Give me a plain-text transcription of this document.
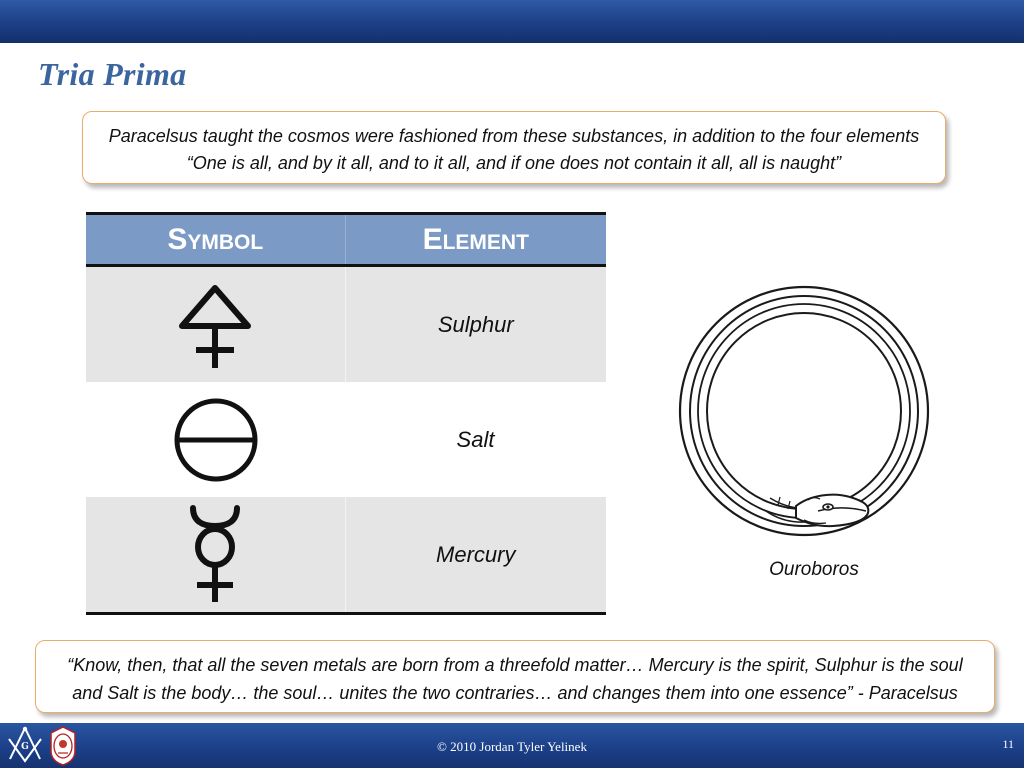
Tria Prima
Paracelsus taught the cosmos were fashioned from these substances, in addition to the four elements
“One is all, and by it all, and to it all, and if one does not contain it all, all is naught”
Symbol	Element

	Sulphur

	Salt

	Mercury
Ouroboros
“Know, then, that all the seven metals are born from a threefold matter… Mercury is the spirit, Sulphur is the soul
and Salt is the body… the soul… unites the two contraries… and changes them into one essence” - Paracelsus
G	© 2010 Jordan Tyler Yelinek	11
